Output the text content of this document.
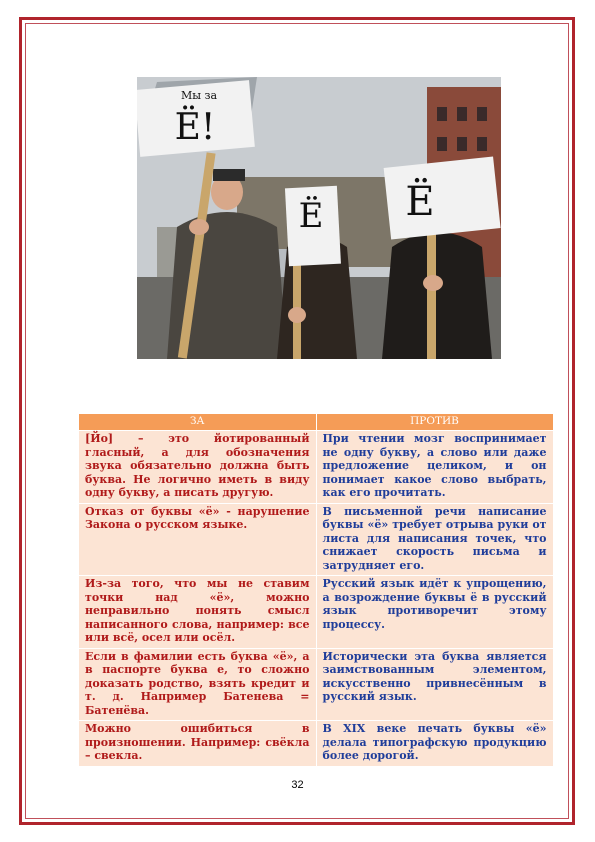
Мы за
Ё!
Ё Ё
ЗА	ПРОТИВ
[Йо] – это йотированный гласный, а для обозначения звука обязательно должна быть буква. Не логично иметь в виду одну букву, а писать другую.	При чтении мозг воспринимает не одну букву, а слово или даже предложение целиком, и он понимает какое слово выбрать, как его прочитать.
Отказ от буквы «ё» - нарушение Закона о русском языке.	В письменной речи написание буквы «ё» требует отрыва руки от листа для написания точек, что снижает скорость письма и затрудняет его.
Из-за того, что мы не ставим точки над «ё», можно неправильно понять смысл написанного слова, например: все или всё, осел или осёл.	Русский язык идёт к упрощению, а возрождение буквы ё в русский язык противоречит этому процессу.
Если в фамилии есть буква «ё», а в паспорте буква е, то сложно доказать родство, взять кредит и т. д. Например Батенева = Батенёва.	Исторически эта буква является заимствованным элементом, искусственно привнесённым в русский язык.
Можно ошибиться в произношении. Например: свёкла – свекла.	В XIX веке печать буквы «ё» делала типографскую продукцию более дорогой.
32
